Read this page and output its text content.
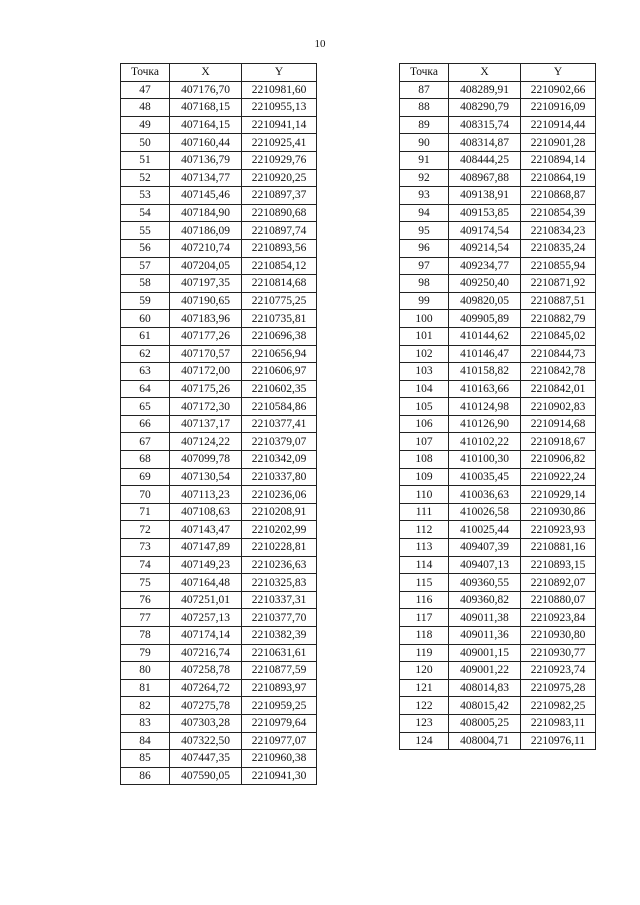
10
Точка	X	Y
47	407176,70	2210981,60
48	407168,15	2210955,13
49	407164,15	2210941,14
50	407160,44	2210925,41
51	407136,79	2210929,76
52	407134,77	2210920,25
53	407145,46	2210897,37
54	407184,90	2210890,68
55	407186,09	2210897,74
56	407210,74	2210893,56
57	407204,05	2210854,12
58	407197,35	2210814,68
59	407190,65	2210775,25
60	407183,96	2210735,81
61	407177,26	2210696,38
62	407170,57	2210656,94
63	407172,00	2210606,97
64	407175,26	2210602,35
65	407172,30	2210584,86
66	407137,17	2210377,41
67	407124,22	2210379,07
68	407099,78	2210342,09
69	407130,54	2210337,80
70	407113,23	2210236,06
71	407108,63	2210208,91
72	407143,47	2210202,99
73	407147,89	2210228,81
74	407149,23	2210236,63
75	407164,48	2210325,83
76	407251,01	2210337,31
77	407257,13	2210377,70
78	407174,14	2210382,39
79	407216,74	2210631,61
80	407258,78	2210877,59
81	407264,72	2210893,97
82	407275,78	2210959,25
83	407303,28	2210979,64
84	407322,50	2210977,07
85	407447,35	2210960,38
86	407590,05	2210941,30
Точка	X	Y
87	408289,91	2210902,66
88	408290,79	2210916,09
89	408315,74	2210914,44
90	408314,87	2210901,28
91	408444,25	2210894,14
92	408967,88	2210864,19
93	409138,91	2210868,87
94	409153,85	2210854,39
95	409174,54	2210834,23
96	409214,54	2210835,24
97	409234,77	2210855,94
98	409250,40	2210871,92
99	409820,05	2210887,51
100	409905,89	2210882,79
101	410144,62	2210845,02
102	410146,47	2210844,73
103	410158,82	2210842,78
104	410163,66	2210842,01
105	410124,98	2210902,83
106	410126,90	2210914,68
107	410102,22	2210918,67
108	410100,30	2210906,82
109	410035,45	2210922,24
110	410036,63	2210929,14
111	410026,58	2210930,86
112	410025,44	2210923,93
113	409407,39	2210881,16
114	409407,13	2210893,15
115	409360,55	2210892,07
116	409360,82	2210880,07
117	409011,38	2210923,84
118	409011,36	2210930,80
119	409001,15	2210930,77
120	409001,22	2210923,74
121	408014,83	2210975,28
122	408015,42	2210982,25
123	408005,25	2210983,11
124	408004,71	2210976,11
